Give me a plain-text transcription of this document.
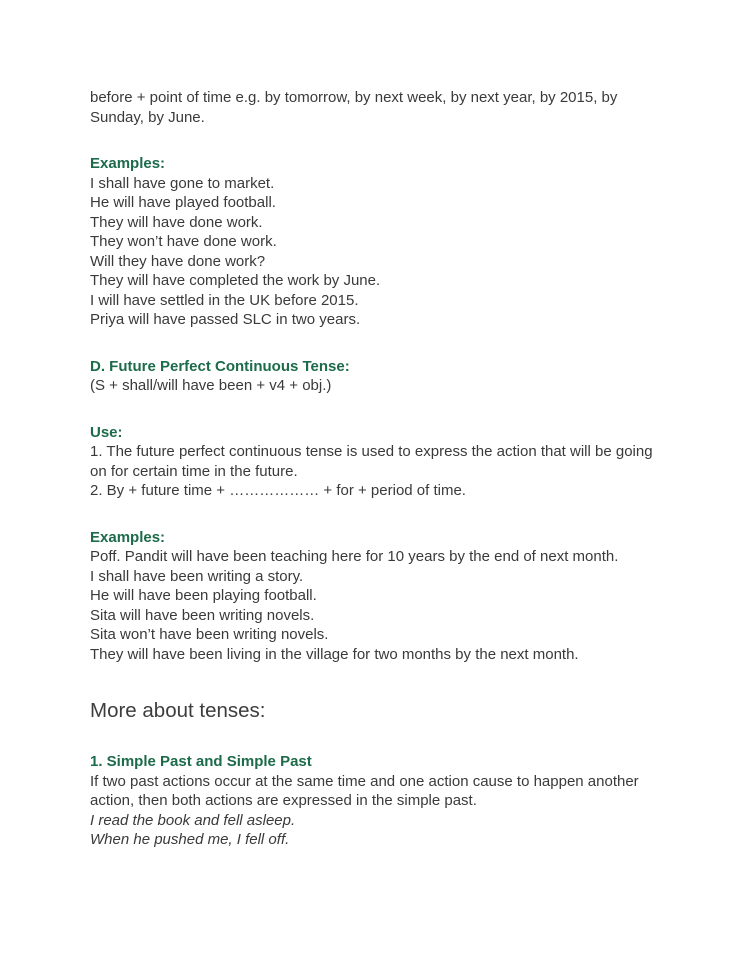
before + point of time e.g. by tomorrow, by next week, by next year, by 2015, by
Sunday, by June.
Examples:
I shall have gone to market.
He will have played football.
They will have done work.
They won’t have done work.
Will they have done work?
They will have completed the work by June.
I will have settled in the UK before 2015.
Priya will have passed SLC in two years.
D. Future Perfect Continuous Tense:
(S + shall/will have been + v4 + obj.)
Use:
1. The future perfect continuous tense is used to express the action that will be going
on for certain time in the future.
2. By + future time + ……………… + for + period of time.
Examples:
Poff. Pandit will have been teaching here for 10 years by the end of next month.
I shall have been writing a story.
He will have been playing football.
Sita will have been writing novels.
Sita won’t have been writing novels.
They will have been living in the village for two months by the next month.
More about tenses:
1. Simple Past and Simple Past
If two past actions occur at the same time and one action cause to happen another
action, then both actions are expressed in the simple past.
I read the book and fell asleep.
When he pushed me, I fell off.
